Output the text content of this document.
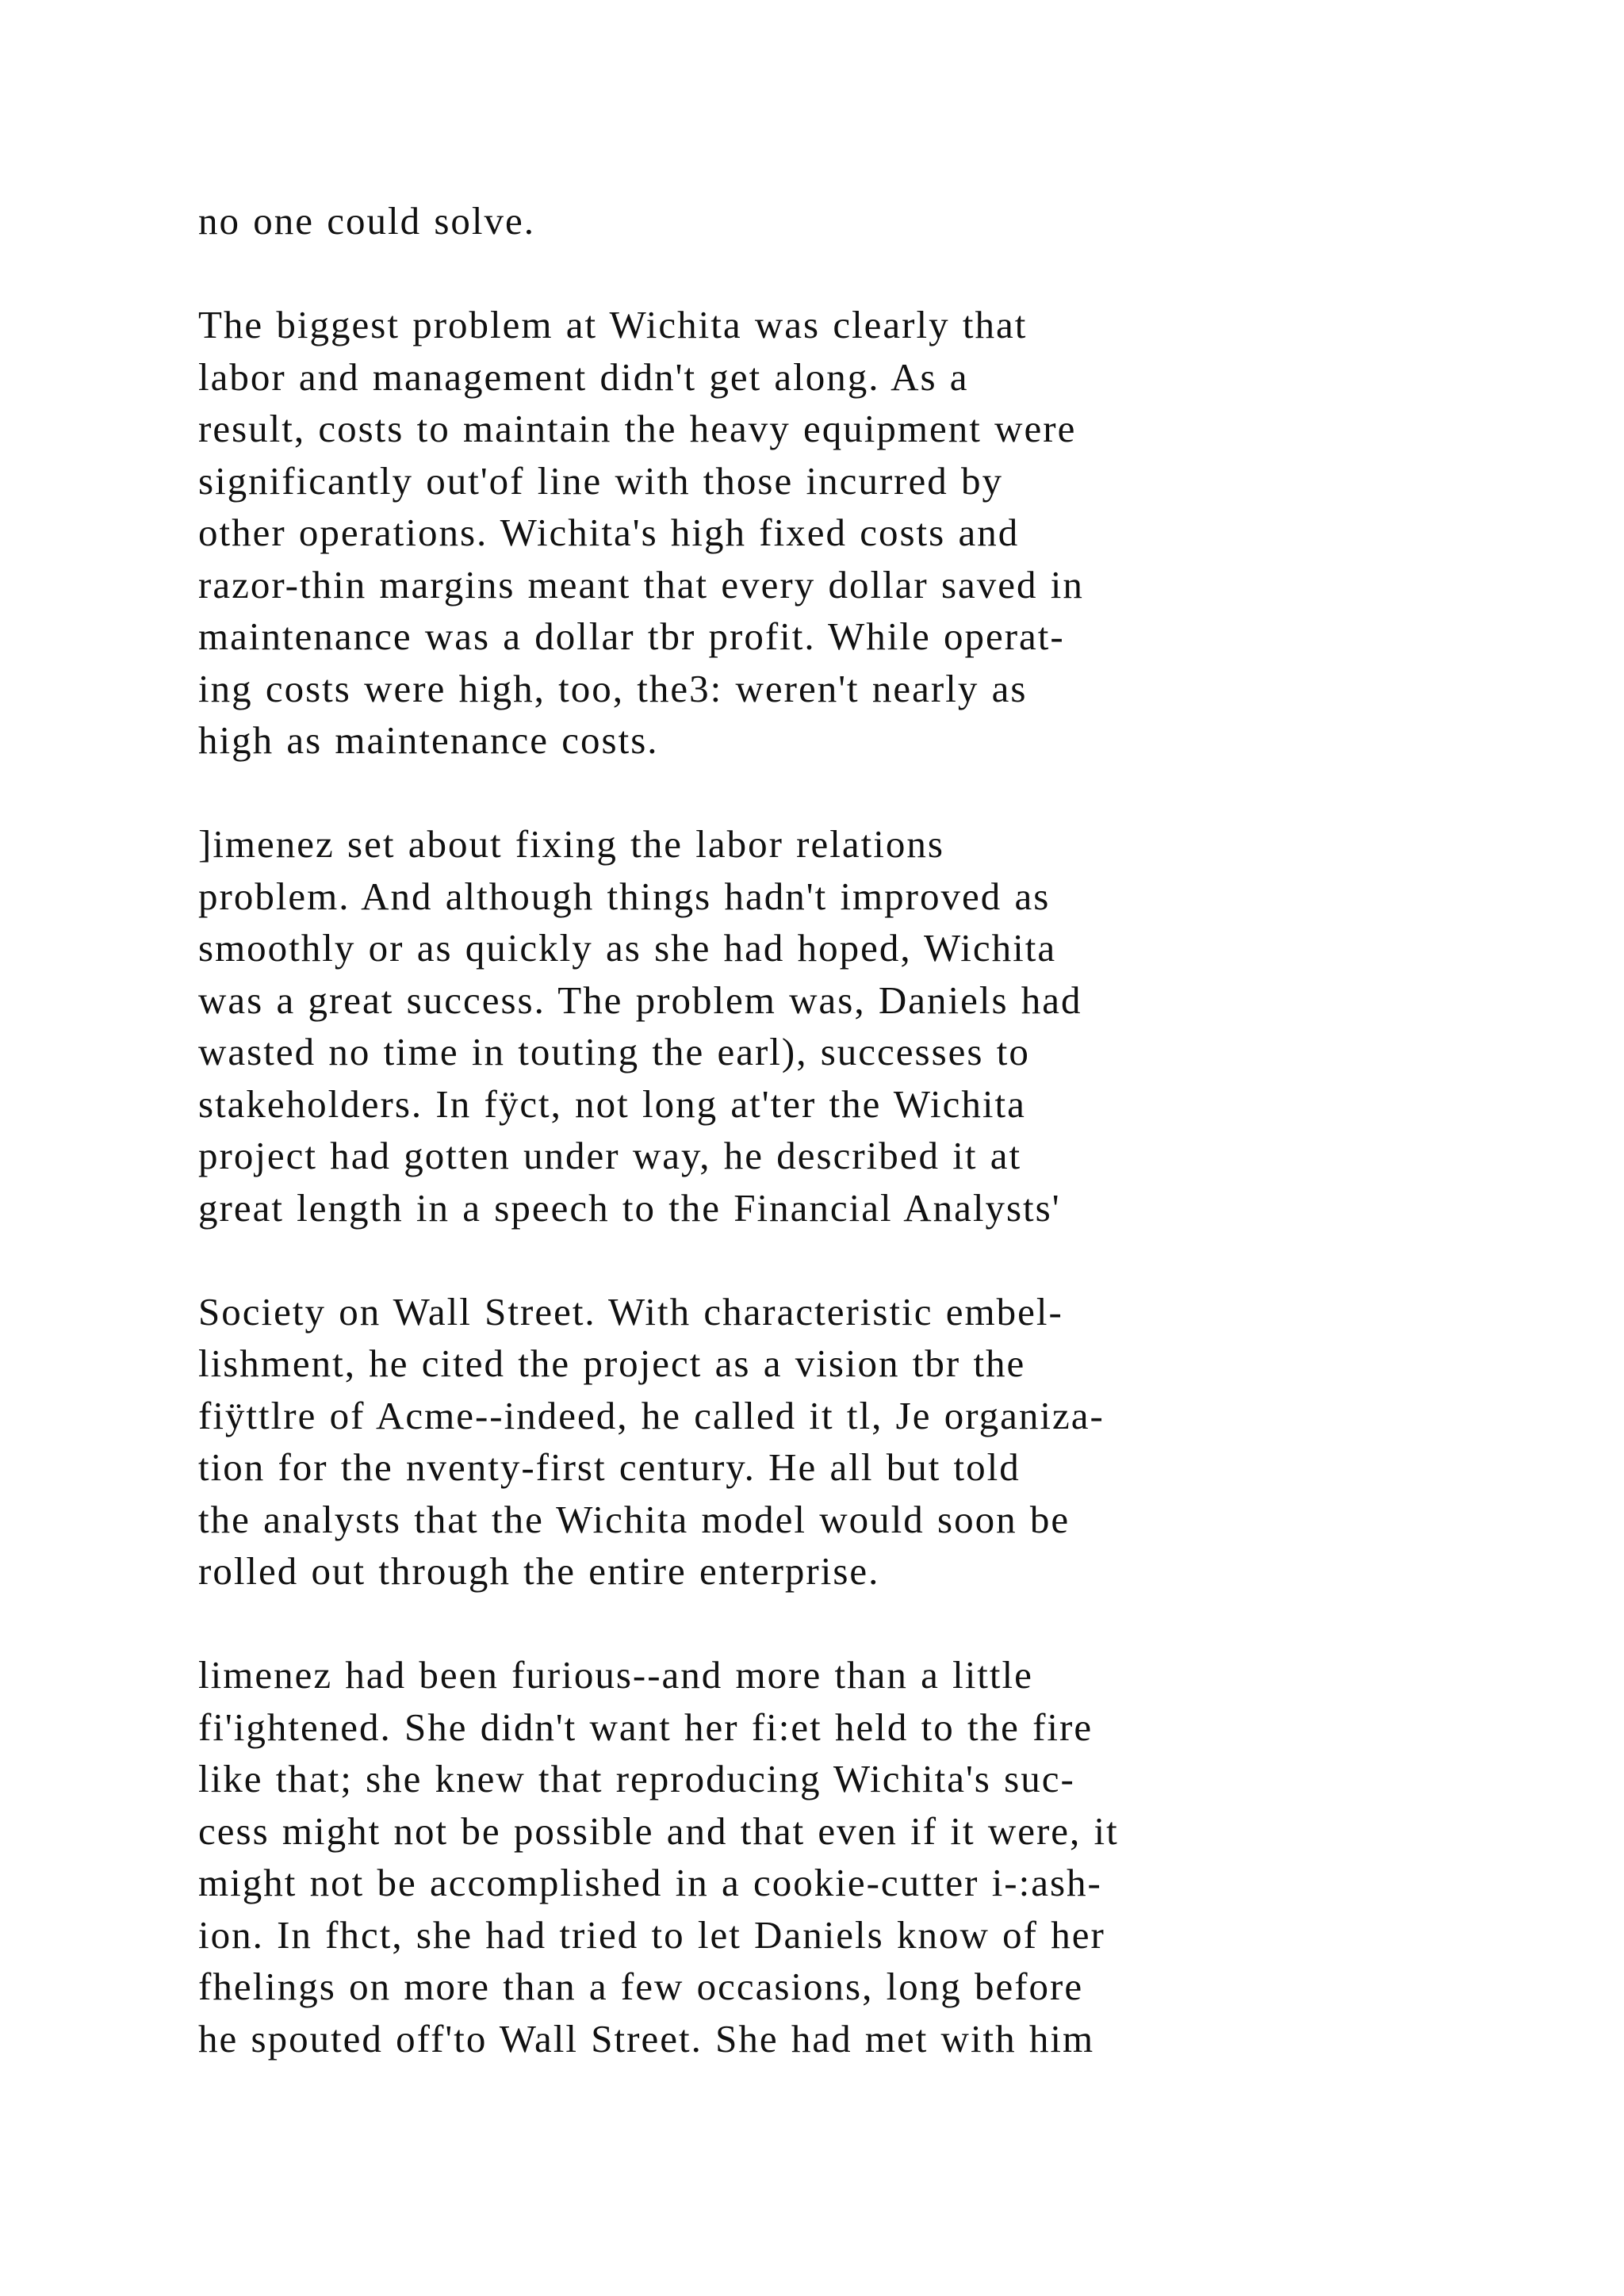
no one could solve.
The biggest problem at Wichita was clearly that
labor and management didn't get along. As a
result, costs to maintain the heavy equipment were
significantly out'of line with those incurred by
other operations. Wichita's high fixed costs and
razor-thin margins meant that every dollar saved in
maintenance was a dollar tbr profit. While operat-
ing costs were high, too, the3: weren't nearly as
high as maintenance costs.
]imenez set about fixing the labor relations
problem. And although things hadn't improved as
smoothly or as quickly as she had hoped, Wichita
was a great success. The problem was, Daniels had
wasted no time in touting the earl), successes to
stakeholders. In fÿct, not long at'ter the Wichita
project had gotten under way, he described it at
great length in a speech to the Financial Analysts'
Society on Wall Street. With characteristic embel-
lishment, he cited the project as a vision tbr the
fiÿttlre of Acme--indeed, he called it tl, Je organiza-
tion for the nventy-first century. He all but told
the analysts that the Wichita model would soon be
rolled out through the entire enterprise.
limenez had been furious--and more than a little
fi'ightened. She didn't want her fi:et held to the fire
like that; she knew that reproducing Wichita's suc-
cess might not be possible and that even if it were, it
might not be accomplished in a cookie-cutter i-:ash-
ion. In fhct, she had tried to let Daniels know of her
fhelings on more than a few occasions, long before
he spouted off'to Wall Street. She had met with him
